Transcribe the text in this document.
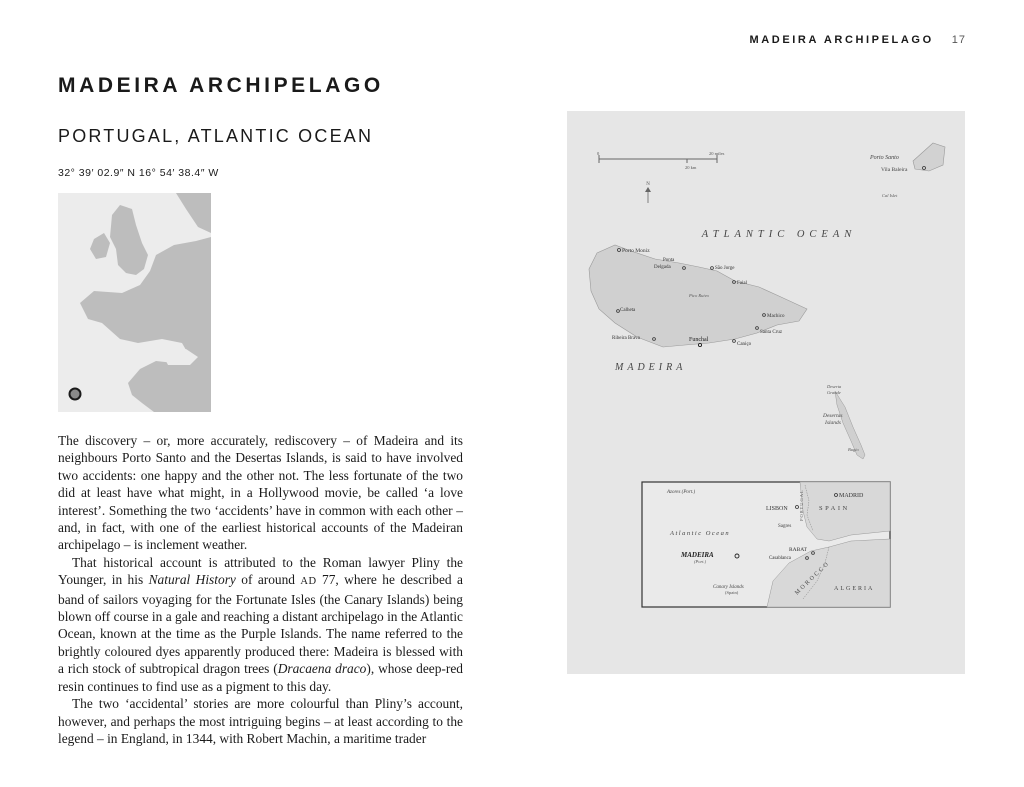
MADEIRA ARCHIPELAGO 17
MADEIRA ARCHIPELAGO
PORTUGAL, ATLANTIC OCEAN
32° 39′ 02.9″ N 16° 54′ 38.4″ W

The discovery – or, more accurately, rediscovery – of Madeira and its neighbours Porto Santo and the Desertas Islands, is said to have involved two accidents: one happy and the other not. The less fortunate of the two did at least have what might, in a Hollywood movie, be called ‘a love interest’. Something the two ‘accidents’ have in common with each other – and, in fact, with one of the earliest historical accounts of the Madeiran archipelago – is inclement weather.

That historical account is attributed to the Roman lawyer Pliny the Younger, in his Natural History of around AD 77, where he described a band of sailors voyaging for the Fortunate Isles (the Canary Islands) being blown off course in a gale and reaching a distant archipelago in the Atlantic Ocean, known at the time as the Purple Islands. The name referred to the brightly coloured dyes apparently produced there: Madeira is blessed with a rich stock of subtropical dragon trees (Dracaena draco), whose deep-red resin continues to find use as a pigment to this day.

The two ‘accidental’ stories are more colourful than Pliny’s account, however, and perhaps the most intriguing begins – at least according to the legend – in England, in 1344, with Robert Machin, a maritime trader

0	20 miles
20 km
N
ATLANTIC OCEAN
Porto Santo
Vila Baleira
Cal Islet
Porto Moniz
Ponta
Delgada	São Jorge
Faial
Pico Ruivo
Calheta
Machico
Santa Cruz
Ribeira Brava	Funchal
Caniço
MADEIRA
Deserta
Grande
Desertas
Islands
Bugio
Azores (Port.)
LISBON
MADRID
SPAIN
PORTUGAL
Sagres
Atlantic Ocean
MADEIRA
(Port.)
RABAT
Casablanca
MOROCCO ALGERIA
Canary Islands
(Spain)
